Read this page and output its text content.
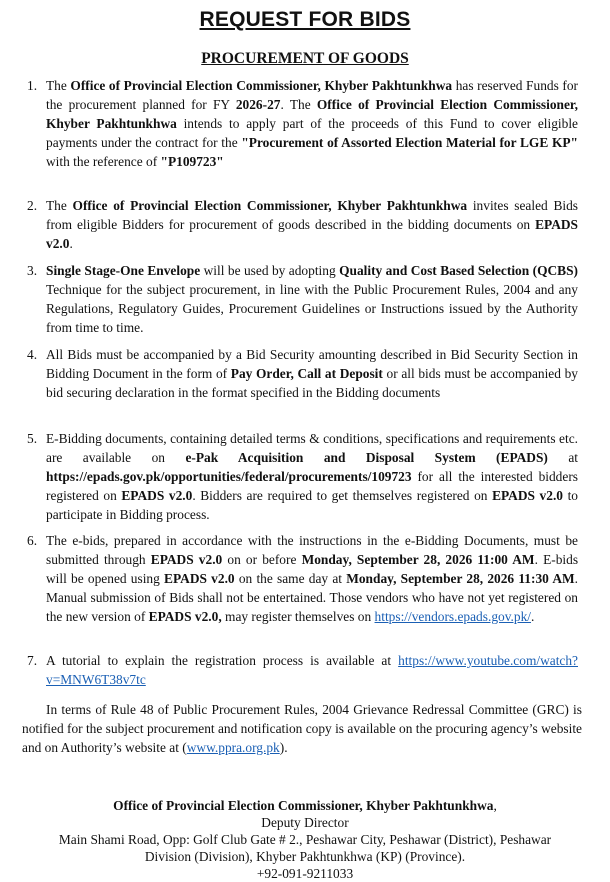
REQUEST FOR BIDS
PROCUREMENT OF GOODS
1. The Office of Provincial Election Commissioner, Khyber Pakhtunkhwa has reserved Funds for the procurement planned for FY 2026-27. The Office of Provincial Election Commissioner, Khyber Pakhtunkhwa intends to apply part of the proceeds of this Fund to cover eligible payments under the contract for the "Procurement of Assorted Election Material for LGE KP" with the reference of "P109723"

2. The Office of Provincial Election Commissioner, Khyber Pakhtunkhwa invites sealed Bids from eligible Bidders for procurement of goods described in the bidding documents on EPADS v2.0.

3. Single Stage-One Envelope will be used by adopting Quality and Cost Based Selection (QCBS) Technique for the subject procurement, in line with the Public Procurement Rules, 2004 and any Regulations, Regulatory Guides, Procurement Guidelines or Instructions issued by the Authority from time to time.

4. All Bids must be accompanied by a Bid Security amounting described in Bid Security Section in Bidding Document in the form of Pay Order, Call at Deposit or all bids must be accompanied by bid securing declaration in the format specified in the Bidding documents

5. E-Bidding documents, containing detailed terms & conditions, specifications and requirements etc. are available on e-Pak Acquisition and Disposal System (EPADS) at https://epads.gov.pk/opportunities/federal/procurements/109723 for all the interested bidders registered on EPADS v2.0. Bidders are required to get themselves registered on EPADS v2.0 to participate in Bidding process.

6. The e-bids, prepared in accordance with the instructions in the e-Bidding Documents, must be submitted through EPADS v2.0 on or before Monday, September 28, 2026 11:00 AM. E-bids will be opened using EPADS v2.0 on the same day at Monday, September 28, 2026 11:30 AM. Manual submission of Bids shall not be entertained. Those vendors who have not yet registered on the new version of EPADS v2.0, may register themselves on https://vendors.epads.gov.pk/.

7. A tutorial to explain the registration process is available at https://www.youtube.com/watch?v=MNW6T38v7tc

In terms of Rule 48 of Public Procurement Rules, 2004 Grievance Redressal Committee (GRC) is notified for the subject procurement and notification copy is available on the procuring agency’s website and on Authority’s website at (www.ppra.org.pk).
Office of Provincial Election Commissioner, Khyber Pakhtunkhwa,
Deputy Director
Main Shami Road, Opp: Golf Club Gate # 2., Peshawar City, Peshawar (District), Peshawar
Division (Division), Khyber Pakhtunkhwa (KP) (Province).
+92-091-9211033
